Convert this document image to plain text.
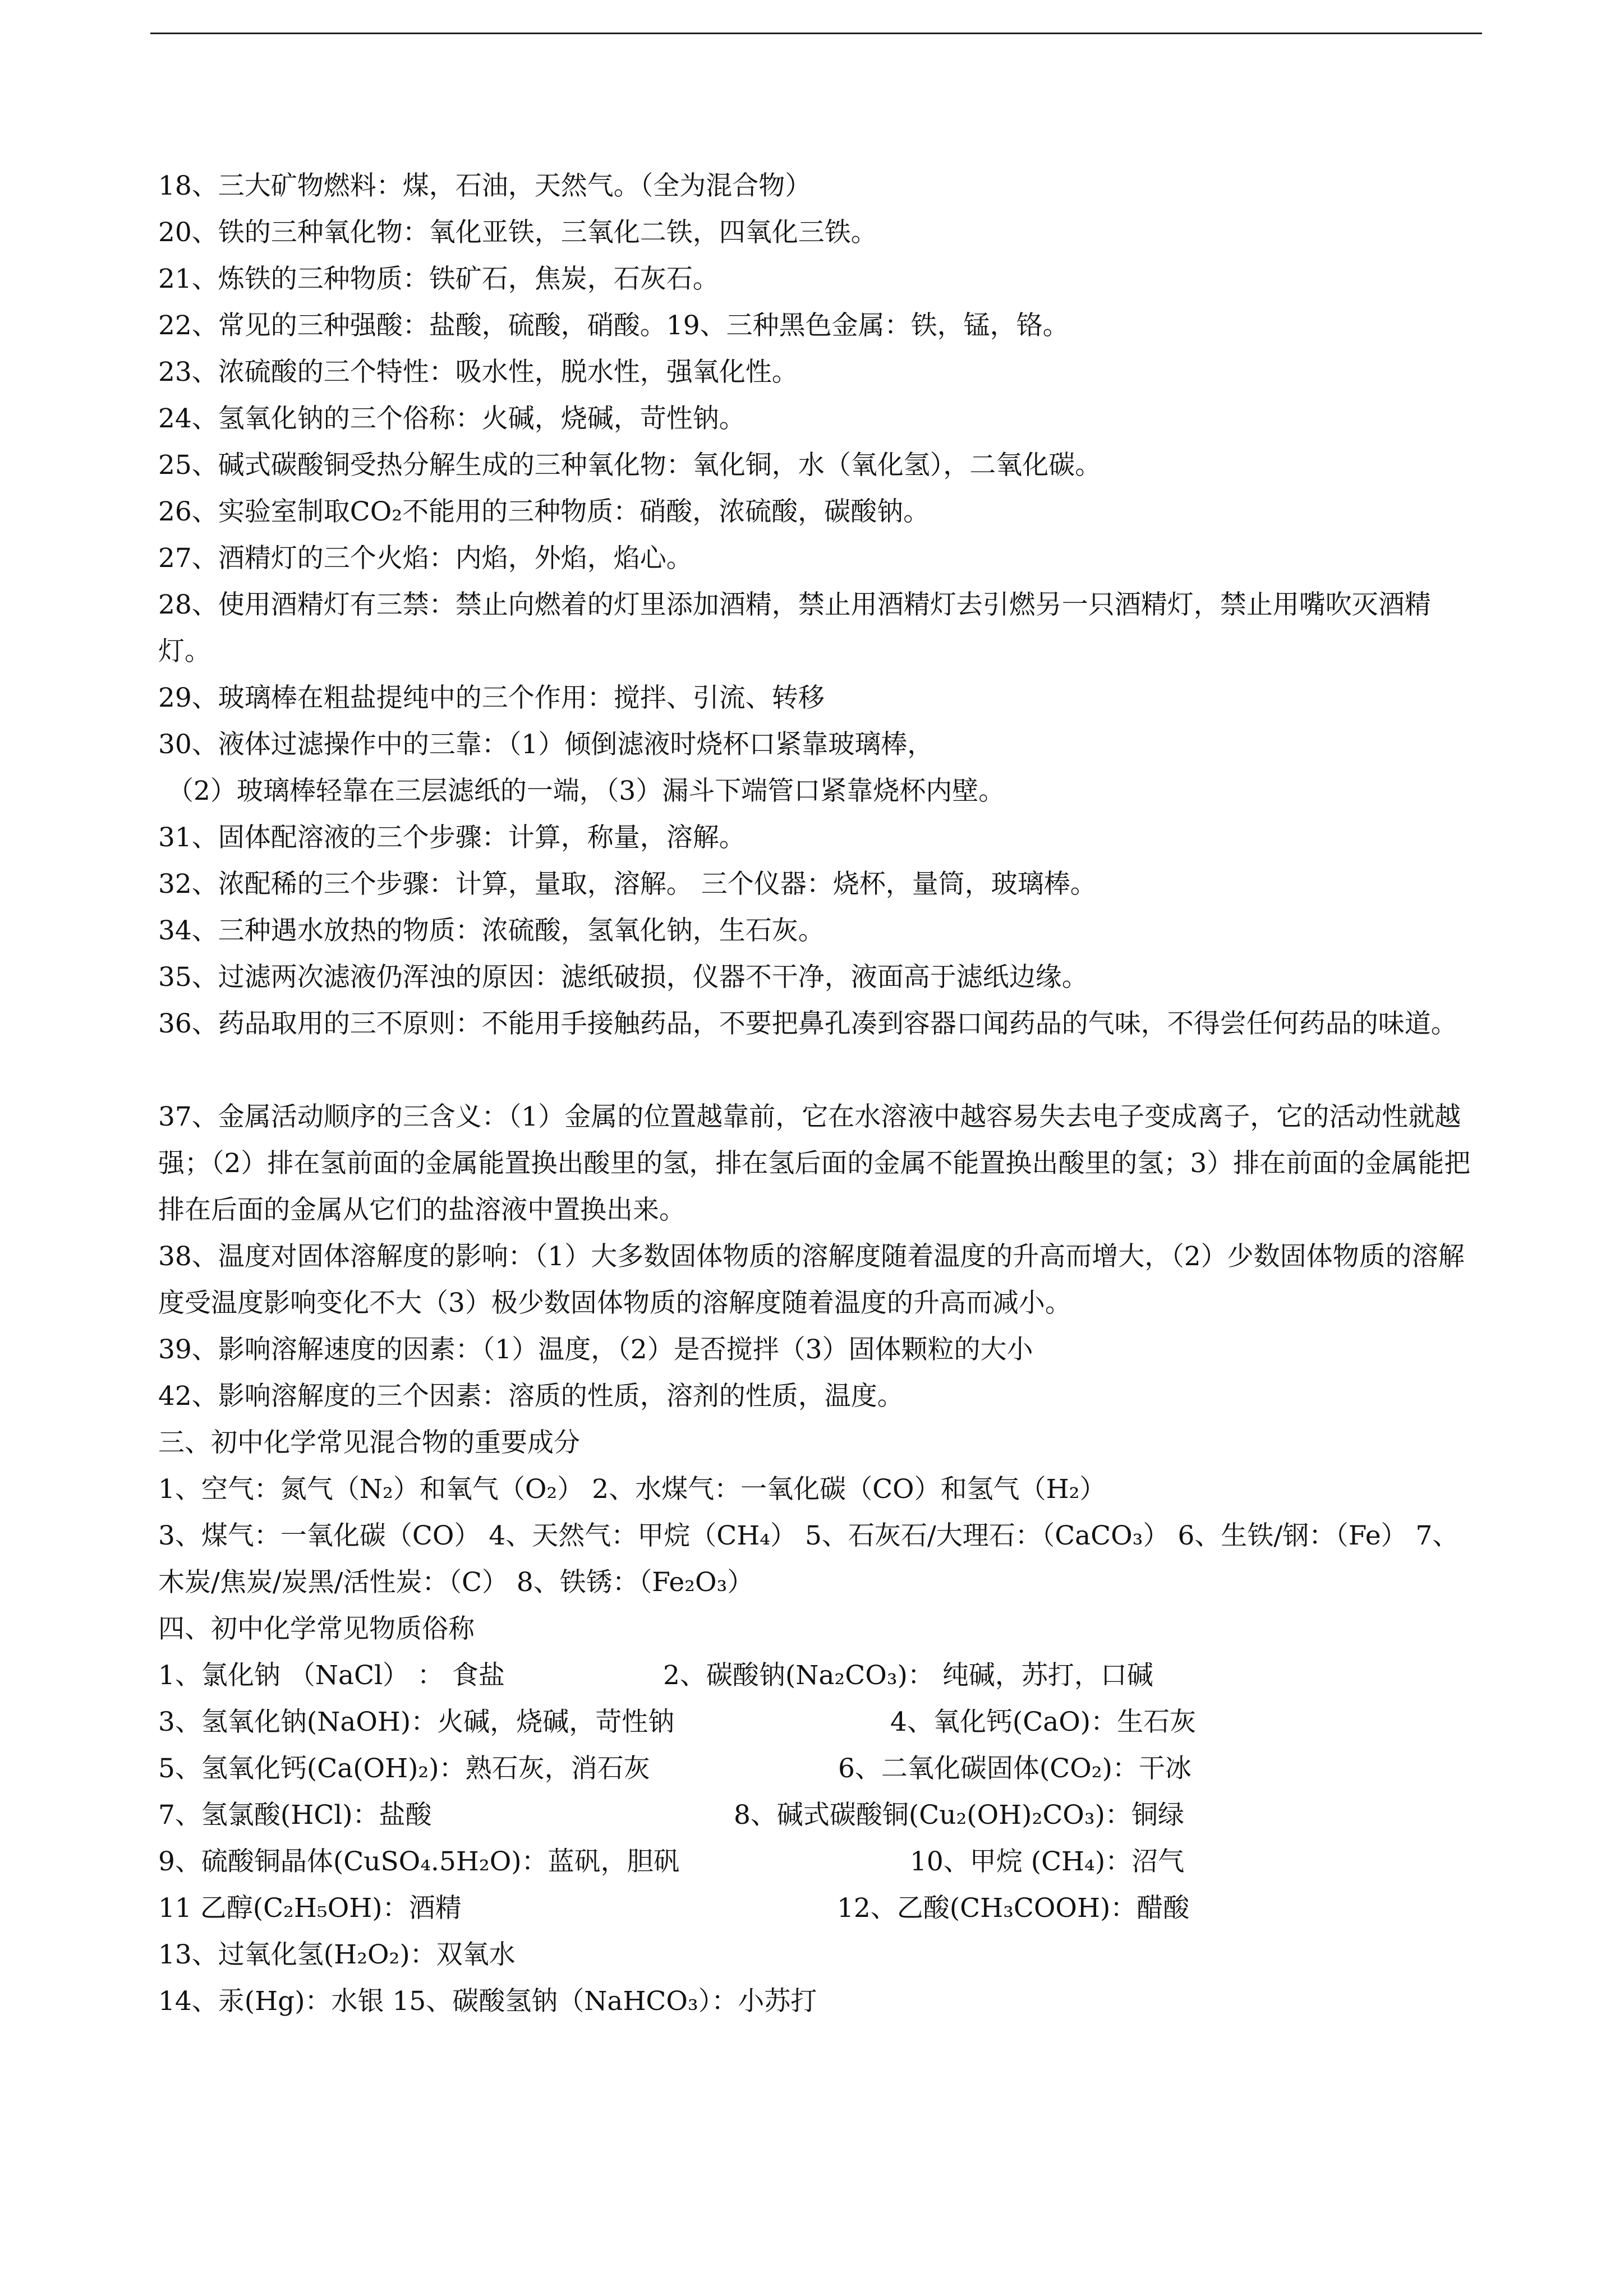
18、三大矿物燃料：煤，石油，天然气。（全为混合物）
20、铁的三种氧化物：氧化亚铁，三氧化二铁，四氧化三铁。
21、炼铁的三种物质：铁矿石，焦炭，石灰石。
22、常见的三种强酸：盐酸，硫酸，硝酸。19、三种黑色金属：铁，锰，铬。
23、浓硫酸的三个特性：吸水性，脱水性，强氧化性。
24、氢氧化钠的三个俗称：火碱，烧碱，苛性钠。
25、碱式碳酸铜受热分解生成的三种氧化物：氧化铜，水（氧化氢），二氧化碳。
26、实验室制取CO₂不能用的三种物质：硝酸，浓硫酸，碳酸钠。
27、酒精灯的三个火焰：内焰，外焰，焰心。
28、使用酒精灯有三禁：禁止向燃着的灯里添加酒精，禁止用酒精灯去引燃另一只酒精灯，禁止用嘴吹灭酒精灯。
29、玻璃棒在粗盐提纯中的三个作用：搅拌、引流、转移
30、液体过滤操作中的三靠：（1）倾倒滤液时烧杯口紧靠玻璃棒，
（2）玻璃棒轻靠在三层滤纸的一端，（3）漏斗下端管口紧靠烧杯内壁。
31、固体配溶液的三个步骤：计算，称量，溶解。
32、浓配稀的三个步骤：计算，量取，溶解。 三个仪器：烧杯，量筒，玻璃棒。
34、三种遇水放热的物质：浓硫酸，氢氧化钠，生石灰。
35、过滤两次滤液仍浑浊的原因：滤纸破损，仪器不干净，液面高于滤纸边缘。
36、药品取用的三不原则：不能用手接触药品，不要把鼻孔凑到容器口闻药品的气味，不得尝任何药品的味道。
37、金属活动顺序的三含义：（1）金属的位置越靠前，它在水溶液中越容易失去电子变成离子，它的活动性就越强；（2）排在氢前面的金属能置换出酸里的氢，排在氢后面的金属不能置换出酸里的氢；3）排在前面的金属能把排在后面的金属从它们的盐溶液中置换出来。
38、温度对固体溶解度的影响：（1）大多数固体物质的溶解度随着温度的升高而增大，（2）少数固体物质的溶解度受温度影响变化不大（3）极少数固体物质的溶解度随着温度的升高而减小。
39、影响溶解速度的因素：（1）温度，（2）是否搅拌（3）固体颗粒的大小
42、影响溶解度的三个因素：溶质的性质，溶剂的性质，温度。
三、初中化学常见混合物的重要成分
1、空气：氮气（N₂）和氧气（O₂） 2、水煤气：一氧化碳（CO）和氢气（H₂）
3、煤气：一氧化碳（CO） 4、天然气：甲烷（CH₄） 5、石灰石/大理石：（CaCO₃） 6、生铁/钢：（Fe） 7、木炭/焦炭/炭黑/活性炭：（C） 8、铁锈：（Fe₂O₃）
四、初中化学常见物质俗称
1、氯化钠 （NaCl） ： 食盐	2、碳酸钠(Na₂CO₃)： 纯碱，苏打，口碱
3、氢氧化钠(NaOH)：火碱，烧碱，苛性钠	4、氧化钙(CaO)：生石灰
5、氢氧化钙(Ca(OH)₂)：熟石灰，消石灰	6、二氧化碳固体(CO₂)：干冰
7、氢氯酸(HCl)：盐酸	8、碱式碳酸铜(Cu₂(OH)₂CO₃)：铜绿
9、硫酸铜晶体(CuSO₄.5H₂O)：蓝矾，胆矾	10、甲烷 (CH₄)：沼气
11 乙醇(C₂H₅OH)：酒精	12、乙酸(CH₃COOH)：醋酸
13、过氧化氢(H₂O₂)：双氧水
14、汞(Hg)：水银 15、碳酸氢钠（NaHCO₃）：小苏打
